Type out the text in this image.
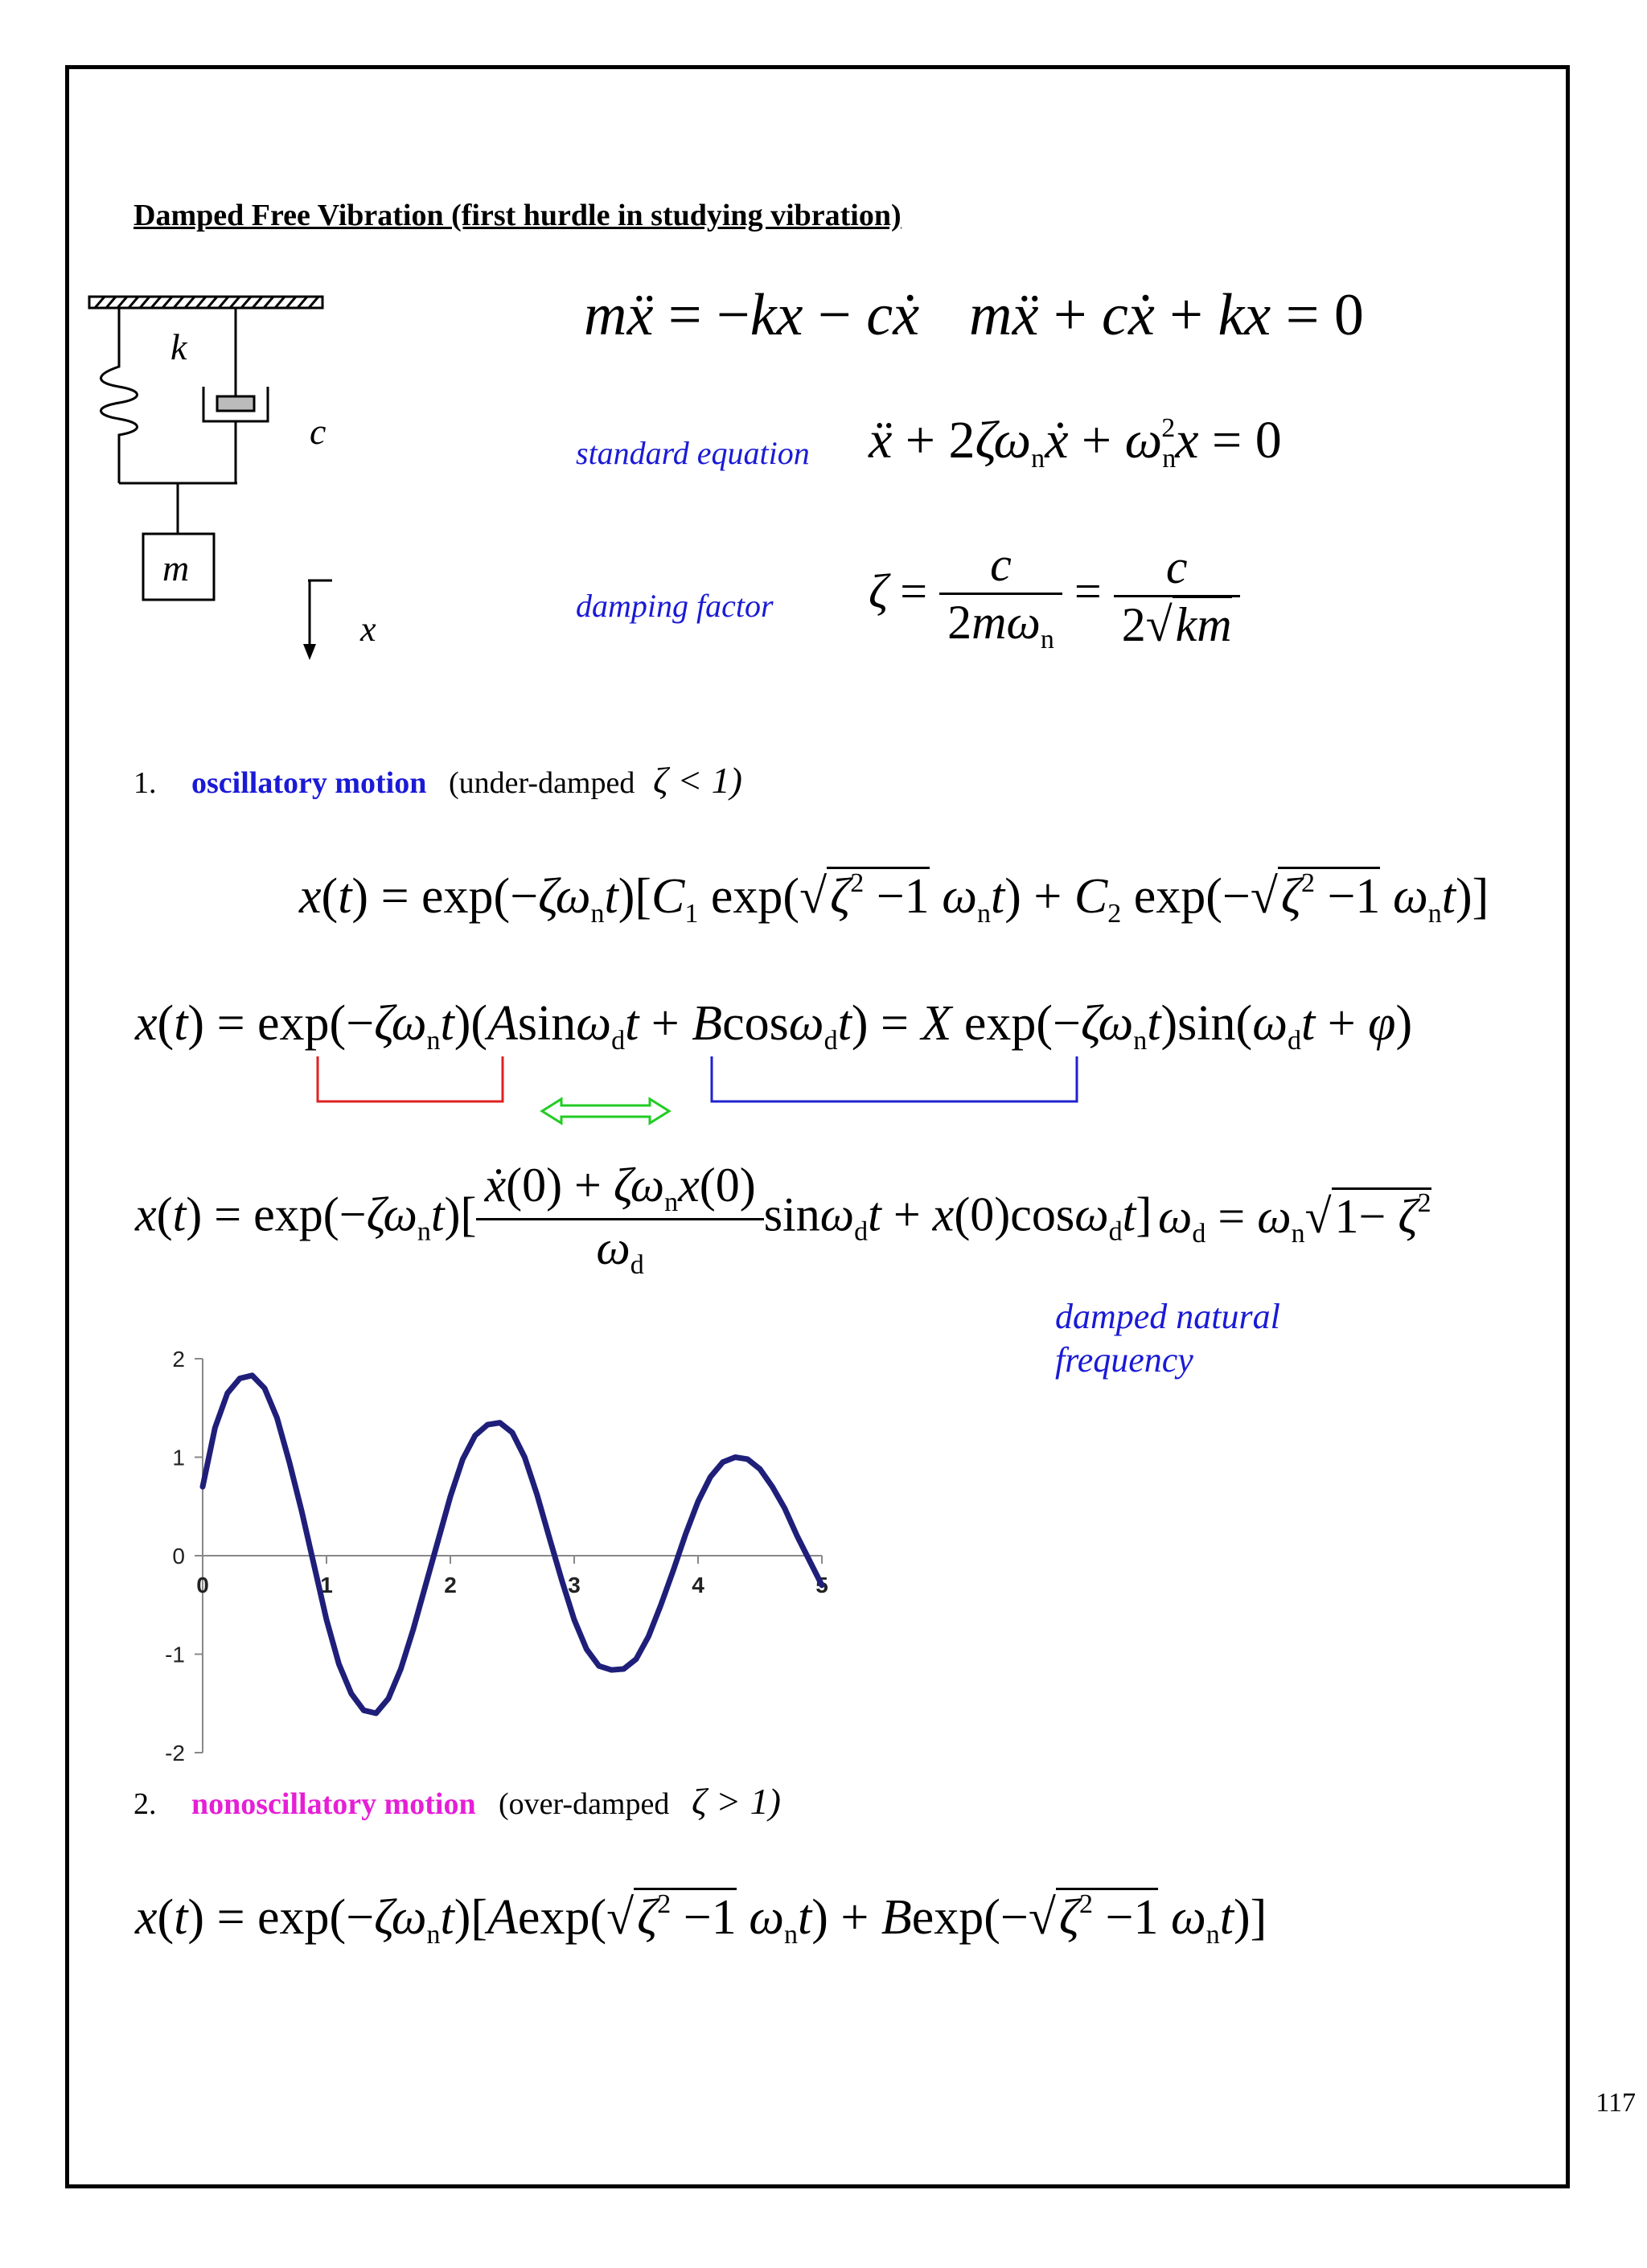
Damped Free Vibration (first hurdle in studying vibration)
k
c
m
x
mẍ = −kx − cẋ mẍ + cẋ + kx = 0
standard equation ẍ + $2\zeta\omega_nẋ + \omega_n^2x = 0$
damping factor $\zeta = \frac{c}{2m\omega_n} = \frac{c}{2√km}$
1. oscillatory motion (under-damped ζ < 1)
$x(t) = \exp(-\zeta\omega_nt)[C_1$ $\exp(√\zeta^2 -1$ $\omega_nt) + C_2$ $\exp(-√\zeta^2 -1$ $\omega_nt$)]
$x(t) = \exp(-\zeta\omega_nt)(Asin\omega_dt + Bcos\omega_dt) = X$ $\exp(-\zeta\omega_nt)\sin(\omega_dt + \varphi)$
$x(t) = \exp(-\zeta\omega_nt)[ \frac{ẋ(0) + \zeta\omega_nx(0)}{\omega_d} \sin\omega_dt + x(0)\cos\omega_dt] \omega_d = \omega_n√1- \zeta^2$
damped natural
frequency
2
1
0
-1
-2
0	1	2	3	4	5
2. nonoscillatory motion (over-damped ζ > 1)
$x(t) = \exp(-\zeta\omega_nt)[Aexp(√\zeta^2 -1$ $\omega_nt) + Bexp(-√\zeta^2 -1$ $\omega_nt$)]
117
